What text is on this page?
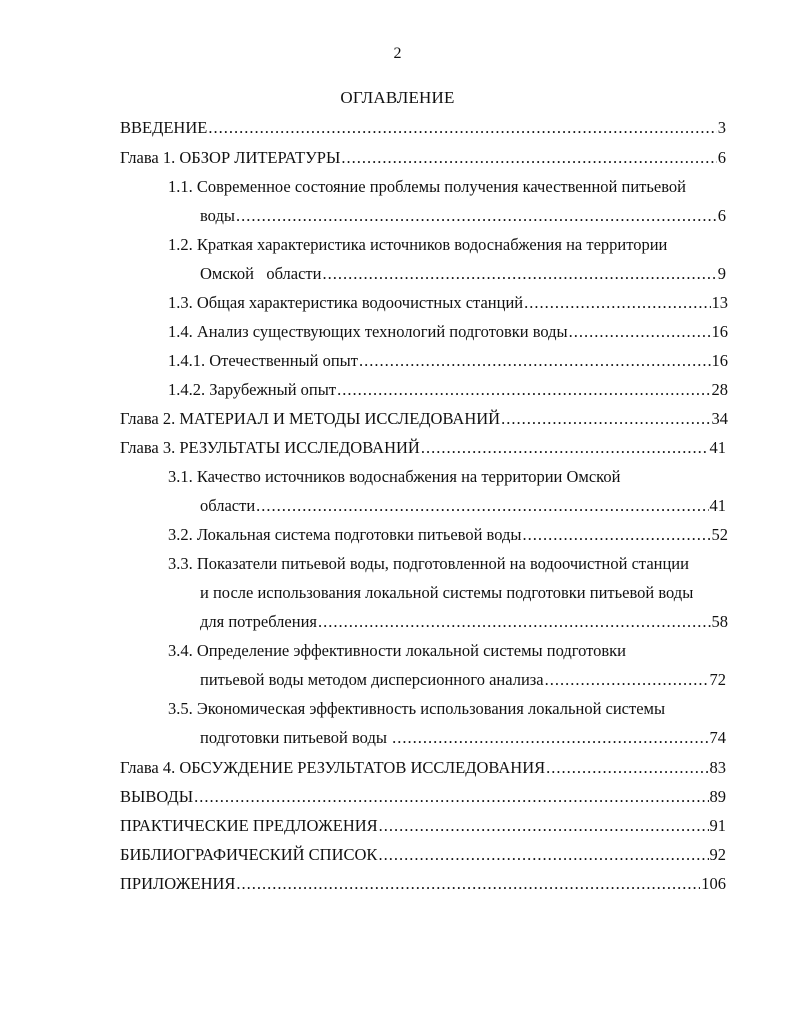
2
ОГЛАВЛЕНИЕ
ВВЕДЕНИЕ .....	3
Глава 1. ОБЗОР ЛИТЕРАТУРЫ .....	6
1.1. Современное состояние проблемы получения качественной питьевой
воды .....	6
1.2. Краткая характеристика источников водоснабжения на территории
Омской   области .....	9
1.3. Общая характеристика водоочистных станций .....	13
1.4. Анализ существующих технологий подготовки воды .....	16
1.4.1. Отечественный опыт .....	16
1.4.2. Зарубежный опыт .....	28
Глава 2. МАТЕРИАЛ И МЕТОДЫ ИССЛЕДОВАНИЙ .....	34
Глава 3. РЕЗУЛЬТАТЫ ИССЛЕДОВАНИЙ .....	41
3.1. Качество источников водоснабжения на территории Омской
области .....	41
3.2. Локальная система подготовки питьевой воды .....	52
3.3. Показатели питьевой воды, подготовленной на водоочистной станции
и после использования локальной системы подготовки питьевой воды
для потребления .....	58
3.4. Определение эффективности локальной системы подготовки
питьевой воды методом дисперсионного анализа .....	72
3.5. Экономическая эффективность использования локальной системы
подготовки питьевой воды .....	74
Глава 4. ОБСУЖДЕНИЕ РЕЗУЛЬТАТОВ ИССЛЕДОВАНИЯ .....	83
ВЫВОДЫ .....	89
ПРАКТИЧЕСКИЕ ПРЕДЛОЖЕНИЯ .....	91
БИБЛИОГРАФИЧЕСКИЙ СПИСОК .....	92
ПРИЛОЖЕНИЯ .....	106
